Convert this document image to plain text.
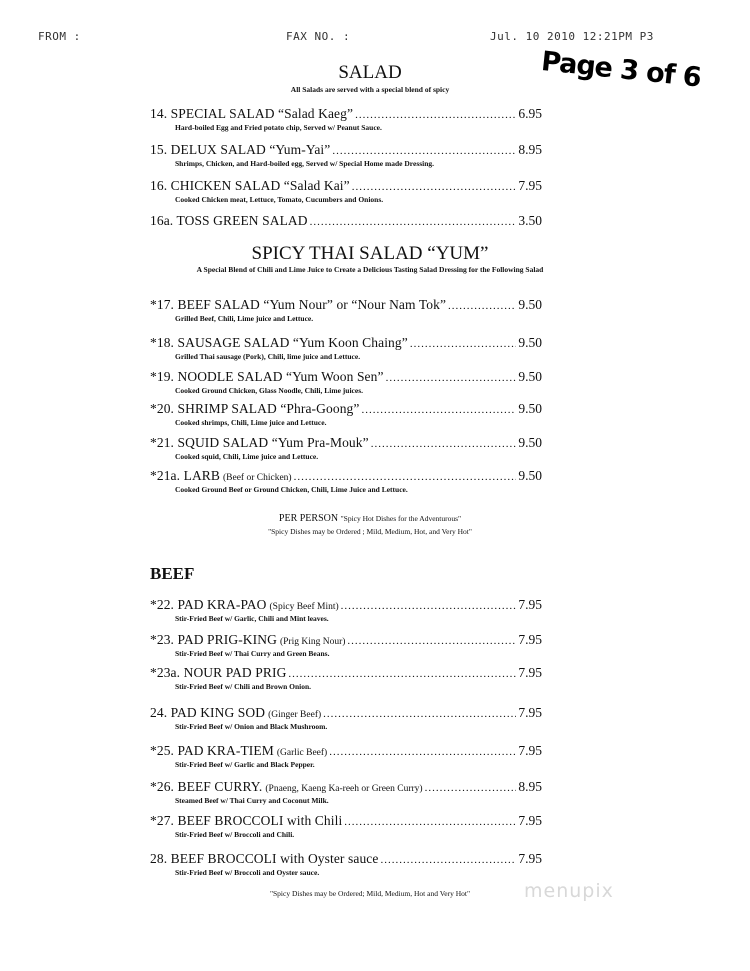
FROM :	FAX NO. :	Jul. 10 2010 12:21PM P3
Page 3 of 6
SALAD
All Salads are served with a special blend of spicy
14. SPECIAL SALAD “Salad Kaeg” .....	6.95
Hard-boiled Egg and Fried potato chip, Served w/ Peanut Sauce.
15. DELUX SALAD “Yum-Yai” .....	8.95
Shrimps, Chicken, and Hard-boiled egg, Served w/ Special Home made Dressing.
16. CHICKEN SALAD “Salad Kai” .....	7.95
Cooked Chicken meat, Lettuce, Tomato, Cucumbers and Onions.
16a. TOSS GREEN SALAD .....	3.50
SPICY THAI SALAD “YUM”
A Special Blend of Chili and Lime Juice to Create a Delicious Tasting Salad Dressing for the Following Salad
*17. BEEF SALAD “Yum Nour” or “Nour Nam Tok” .....	9.50
Grilled Beef, Chili, Lime juice and Lettuce.
*18. SAUSAGE SALAD “Yum Koon Chaing” .....	9.50
Grilled Thai sausage (Pork), Chili, lime juice and Lettuce.
*19. NOODLE SALAD “Yum Woon Sen” .....	9.50
Cooked Ground Chicken, Glass Noodle, Chili, Lime juices.
*20. SHRIMP SALAD “Phra-Goong” .....	9.50
Cooked shrimps, Chili, Lime juice and Lettuce.
*21. SQUID SALAD “Yum Pra-Mouk” .....	9.50
Cooked squid, Chili, Lime juice and Lettuce.
*21a. LARB (Beef or Chicken) .....	9.50
Cooked Ground Beef or Ground Chicken, Chili, Lime Juice and Lettuce.
PER PERSON "Spicy Hot Dishes for the Adventurous"
"Spicy Dishes may be Ordered ; Mild, Medium, Hot, and Very Hot"
BEEF
*22. PAD KRA-PAO (Spicy Beef Mint) .....	7.95
Stir-Fried Beef w/ Garlic, Chili and Mint leaves.
*23. PAD PRIG-KING (Prig King Nour) .....	7.95
Stir-Fried Beef w/ Thai Curry and Green Beans.
*23a. NOUR PAD PRIG .....	7.95
Stir-Fried Beef w/ Chili and Brown Onion.
24. PAD KING SOD (Ginger Beef) .....	7.95
Stir-Fried Beef w/ Onion and Black Mushroom.
*25. PAD KRA-TIEM (Garlic Beef) .....	7.95
Stir-Fried Beef w/ Garlic and Black Pepper.
*26. BEEF CURRY. (Pnaeng, Kaeng Ka-reeh or Green Curry) .....	8.95
Steamed Beef w/ Thai Curry and Coconut Milk.
*27. BEEF BROCCOLI with Chili .....	7.95
Stir-Fried Beef w/ Broccoli and Chili.
28. BEEF BROCCOLI with Oyster sauce .....	7.95
Stir-Fried Beef w/ Broccoli and Oyster sauce.
"Spicy Dishes may be Ordered; Mild, Medium, Hot and Very Hot"	menupix
